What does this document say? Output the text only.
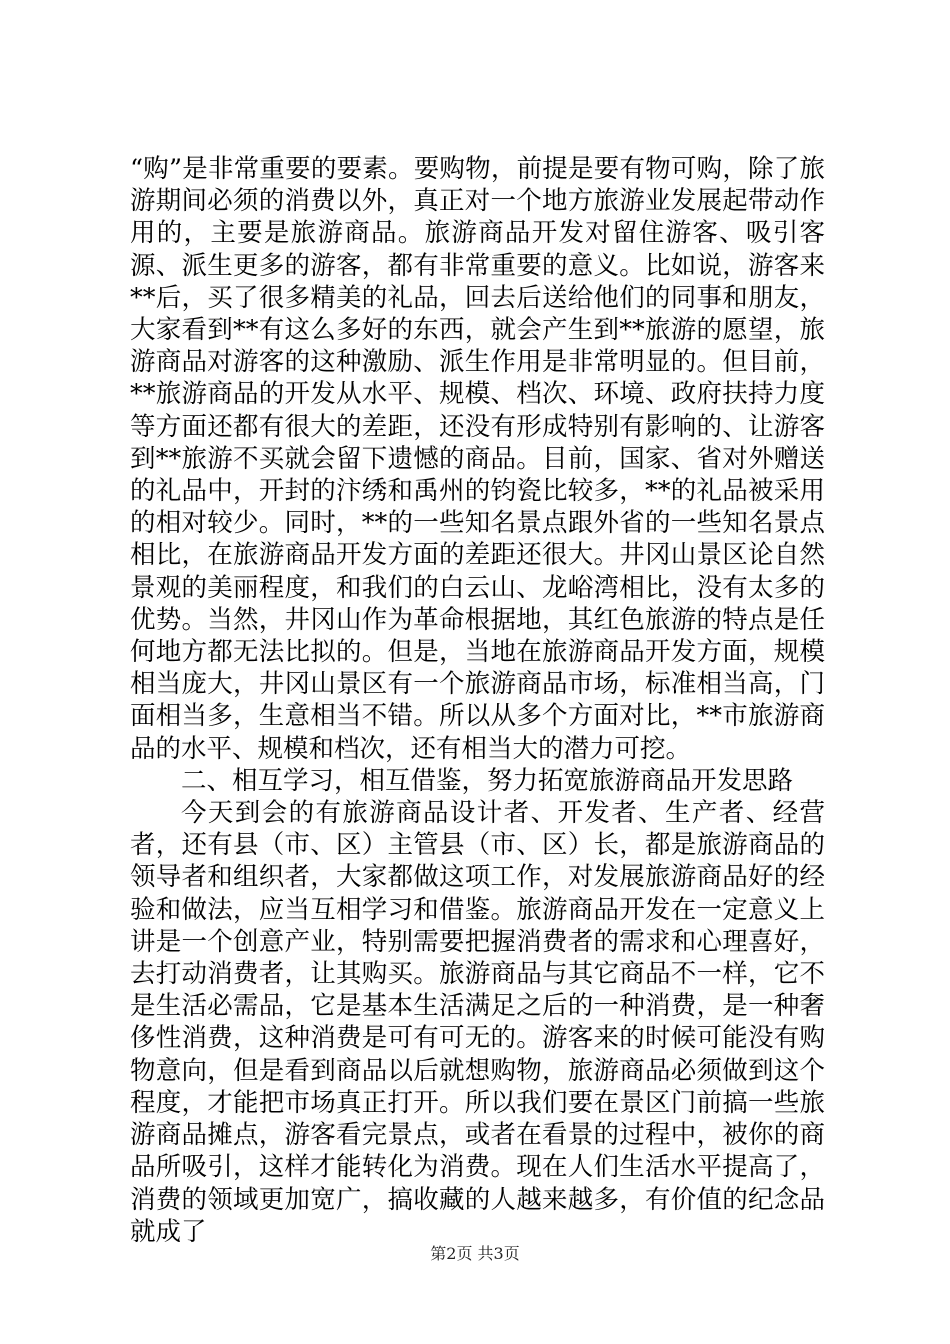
“购”是非常重要的要素。要购物，前提是要有物可购，除了旅游期间必须的消费以外，真正对一个地方旅游业发展起带动作用的，主要是旅游商品。旅游商品开发对留住游客、吸引客源、派生更多的游客，都有非常重要的意义。比如说，游客来**后，买了很多精美的礼品，回去后送给他们的同事和朋友，大家看到**有这么多好的东西，就会产生到**旅游的愿望，旅游商品对游客的这种激励、派生作用是非常明显的。但目前，**旅游商品的开发从水平、规模、档次、环境、政府扶持力度等方面还都有很大的差距，还没有形成特别有影响的、让游客到**旅游不买就会留下遗憾的商品。目前，国家、省对外赠送的礼品中，开封的汴绣和禹州的钧瓷比较多，**的礼品被采用的相对较少。同时，**的一些知名景点跟外省的一些知名景点相比，在旅游商品开发方面的差距还很大。井冈山景区论自然景观的美丽程度，和我们的白云山、龙峪湾相比，没有太多的优势。当然，井冈山作为革命根据地，其红色旅游的特点是任何地方都无法比拟的。但是，当地在旅游商品开发方面，规模相当庞大，井冈山景区有一个旅游商品市场，标准相当高，门面相当多，生意相当不错。所以从多个方面对比，**市旅游商品的水平、规模和档次，还有相当大的潜力可挖。

二、相互学习，相互借鉴，努力拓宽旅游商品开发思路

今天到会的有旅游商品设计者、开发者、生产者、经营者，还有县（市、区）主管县（市、区）长，都是旅游商品的领导者和组织者，大家都做这项工作，对发展旅游商品好的经验和做法，应当互相学习和借鉴。旅游商品开发在一定意义上讲是一个创意产业，特别需要把握消费者的需求和心理喜好，去打动消费者，让其购买。旅游商品与其它商品不一样，它不是生活必需品，它是基本生活满足之后的一种消费，是一种奢侈性消费，这种消费是可有可无的。游客来的时候可能没有购物意向，但是看到商品以后就想购物，旅游商品必须做到这个程度，才能把市场真正打开。所以我们要在景区门前搞一些旅游商品摊点，游客看完景点，或者在看景的过程中，被你的商品所吸引，这样才能转化为消费。现在人们生活水平提高了，消费的领域更加宽广，搞收藏的人越来越多，有价值的纪念品就成了

第2页 共3页
